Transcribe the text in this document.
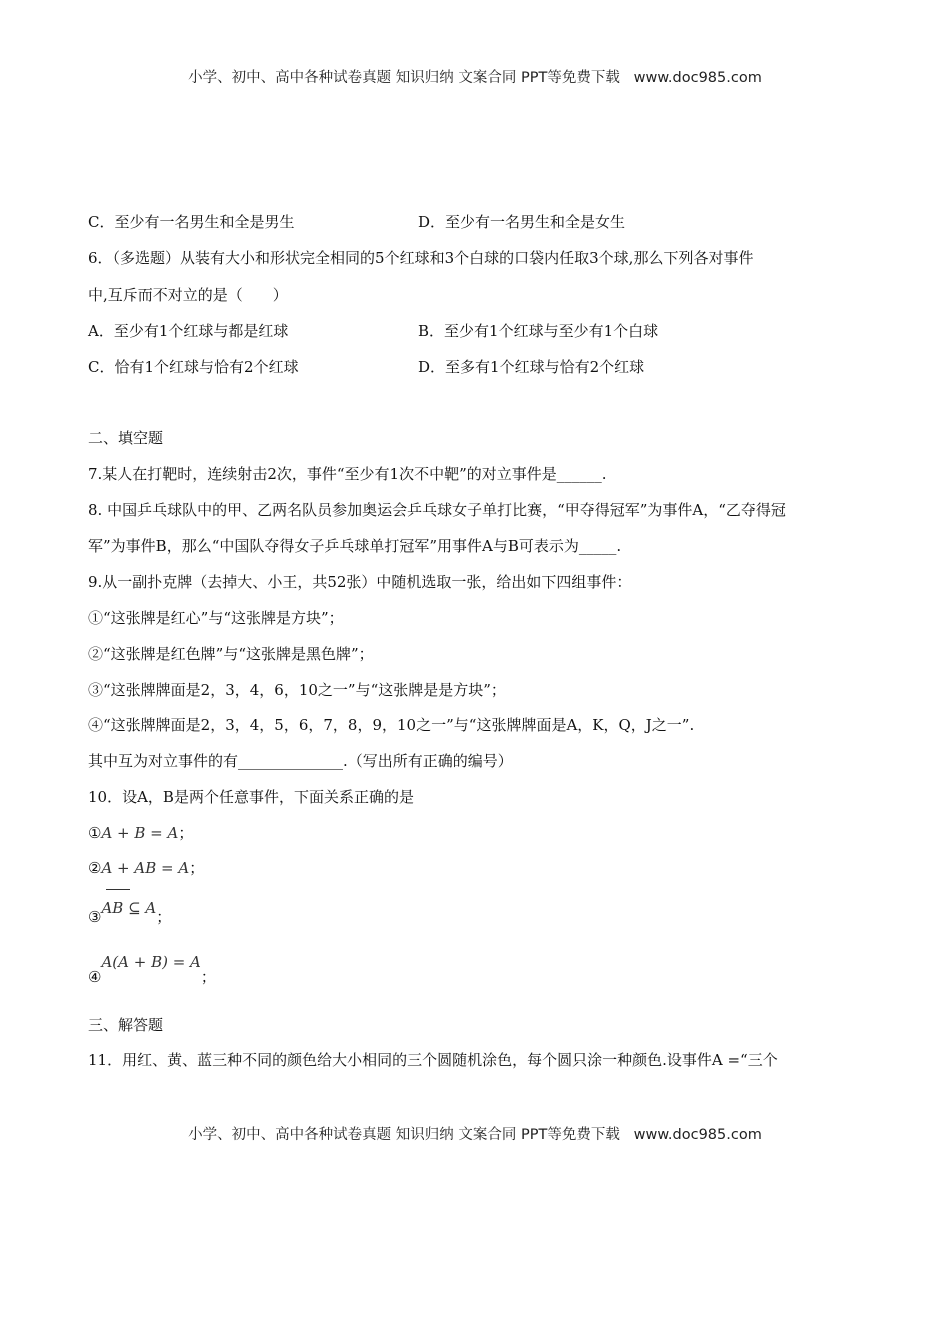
小学、初中、高中各种试卷真题 知识归纳 文案合同 PPT等免费下载   www.doc985.com
C．至少有一名男生和全是男生	D．至少有一名男生和全是女生
6．（多选题）从装有大小和形状完全相同的5个红球和3个白球的口袋内任取3个球,那么下列各对事件
中,互斥而不对立的是（　　）
A．至少有1个红球与都是红球	B．至少有1个红球与至少有1个白球
C．恰有1个红球与恰有2个红球	D．至多有1个红球与恰有2个红球
二、填空题
7.某人在打靶时，连续射击2次，事件“至少有1次不中靶”的对立事件是______.
8. 中国乒乓球队中的甲、乙两名队员参加奥运会乒乓球女子单打比赛，“甲夺得冠军”为事件A，“乙夺得冠
军”为事件B，那么“中国队夺得女子乒乓球单打冠军”用事件A与B可表示为_____.
9.从一副扑克牌（去掉大、小王，共52张）中随机选取一张，给出如下四组事件：
①“这张牌是红心”与“这张牌是方块”；
②“这张牌是红色牌”与“这张牌是黑色牌”；
③“这张牌牌面是2，3，4，6，10之一”与“这张牌是是方块”；
④“这张牌牌面是2，3，4，5，6，7，8，9，10之一”与“这张牌牌面是A，K，Q，J之一”.
其中互为对立事件的有______________.（写出所有正确的编号）
10．设A，B是两个任意事件，下面关系正确的是
①A + B = A；
②A + AB = A；
③AB ⊆ A；
④A(A + B) = A；
三、解答题
11．用红、黄、蓝三种不同的颜色给大小相同的三个圆随机涂色，每个圆只涂一种颜色.设事件A =“三个
小学、初中、高中各种试卷真题 知识归纳 文案合同 PPT等免费下载   www.doc985.com
